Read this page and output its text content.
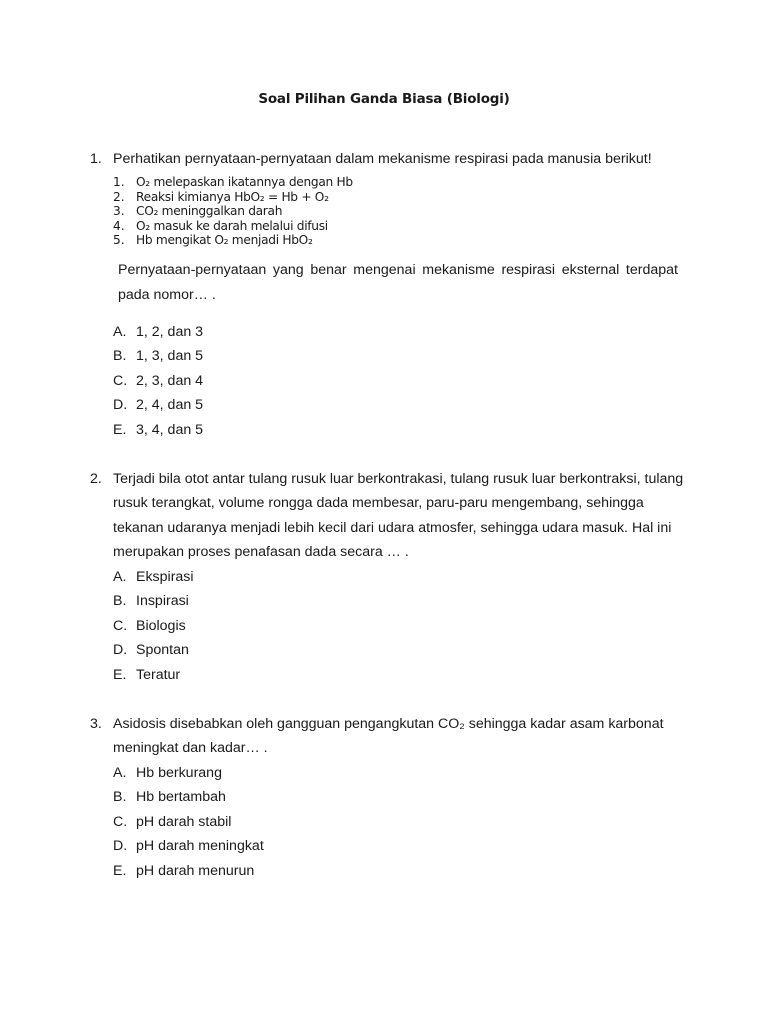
Soal Pilihan Ganda Biasa (Biologi)
1. Perhatikan pernyataan-pernyataan dalam mekanisme respirasi pada manusia berikut!
1. O₂ melepaskan ikatannya dengan Hb
2. Reaksi kimianya HbO₂ = Hb + O₂
3. CO₂ meninggalkan darah
4. O₂ masuk ke darah melalui difusi
5. Hb mengikat O₂ menjadi HbO₂
Pernyataan-pernyataan yang benar mengenai mekanisme respirasi eksternal terdapat
pada nomor… .
A. 1, 2, dan 3
B. 1, 3, dan 5
C. 2, 3, dan 4
D. 2, 4, dan 5
E. 3, 4, dan 5
2. Terjadi bila otot antar tulang rusuk luar berkontrakasi, tulang rusuk luar berkontraksi, tulang
rusuk terangkat, volume rongga dada membesar, paru-paru mengembang, sehingga
tekanan udaranya menjadi lebih kecil dari udara atmosfer, sehingga udara masuk. Hal ini
merupakan proses penafasan dada secara … .
A. Ekspirasi
B. Inspirasi
C. Biologis
D. Spontan
E. Teratur
3. Asidosis disebabkan oleh gangguan pengangkutan CO₂ sehingga kadar asam karbonat
meningkat dan kadar… .
A. Hb berkurang
B. Hb bertambah
C. pH darah stabil
D. pH darah meningkat
E. pH darah menurun
